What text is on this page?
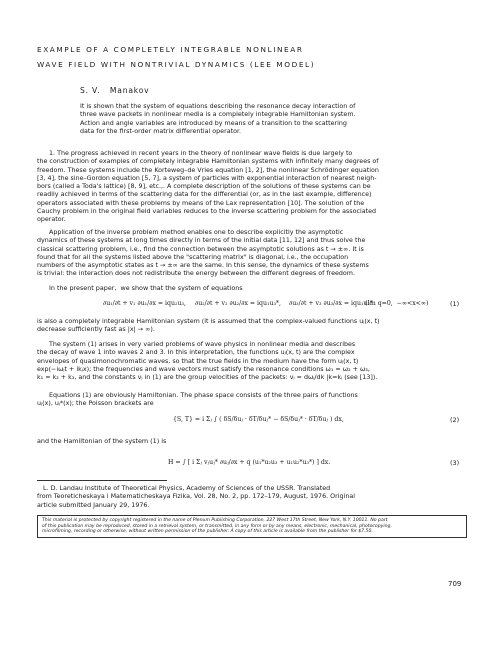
EXAMPLE OF A COMPLETELY INTEGRABLE NONLINEAR
WAVE FIELD WITH NONTRIVIAL DYNAMICS (LEE MODEL)
S. V.   Manakov
It is shown that the system of equations describing the resonance decay interaction of
three wave packets in nonlinear media is a completely integrable Hamiltonian system.
Action and angle variables are introduced by means of a transition to the scattering
data for the first-order matrix differential operator.
1. The progress achieved in recent years in the theory of nonlinear wave fields is due largely to
the construction of examples of completely integrable Hamiltonian systems with infinitely many degrees of
freedom. These systems include the Korteweg–de Vries equation [1, 2], the nonlinear Schrödinger equation
[3, 4], the sine–Gordon equation [5, 7], a system of particles with exponential interaction of nearest neigh-
bors (called a Toda's lattice) [8, 9], etc.,. A complete description of the solutions of these systems can be
readily achieved in terms of the scattering data for the differential (or, as in the last example, difference)
operators associated with these problems by means of the Lax representation [10]. The solution of the
Cauchy problem in the original field variables reduces to the inverse scattering problem for the associated
operator.
Application of the inverse problem method enables one to describe explicitly the asymptotic
dynamics of these systems at long times directly in terms of the initial data [11, 12] and thus solve the
classical scattering problem, i.e., find the connection between the asymptotic solutions as t → ±∞. It is
found that for all the systems listed above the "scattering matrix" is diagonal, i.e., the occupation
numbers of the asymptotic states as t → ±∞ are the same. In this sense, the dynamics of these systems
is trivial: the interaction does not redistribute the energy between the different degrees of freedom.
In the present paper,  we show that the system of equations
∂u₁/∂t + v₁ ∂u₁/∂x = iqu₂u₃, ∂u₂/∂t + v₂ ∂u₂/∂x = iqu₁u₃*, ∂u₃/∂t + v₃ ∂u₃/∂x = iqu₁u₂*
(Im q=0,  −∞<x<∞)	(1)
is also a completely integrable Hamiltonian system (it is assumed that the complex-valued functions uⱼ(x, t)
decrease sufficiently fast as |x| → ∞).
The system (1) arises in very varied problems of wave physics in nonlinear media and describes
the decay of wave 1 into waves 2 and 3. In this interpretation, the functions uⱼ(x, t) are the complex
envelopes of quasimonochromatic waves, so that the true fields in the medium have the form uⱼ(x, t)
exp(−iωⱼt + ikⱼx); the frequencies and wave vectors must satisfy the resonance conditions ω₁ = ω₂ + ω₃,
k₁ = k₂ + k₃, and the constants vⱼ in (1) are the group velocities of the packets: vⱼ = dωⱼ/dk |k=kⱼ (see [13]).
Equations (1) are obviously Hamiltonian. The phase space consists of the three pairs of functions
uⱼ(x), uⱼ*(x); the Poisson brackets are
{S, T} = i Σⱼ ∫ ( δS/δuⱼ · δT/δuⱼ* − δS/δuⱼ* · δT/δuⱼ ) dx,	(2)
and the Hamiltonian of the system (1) is
H = ∫ [ i Σⱼ vⱼuⱼ* ∂uⱼ/∂x + q (u₁*u₂u₃ + u₁u₂*u₃*) ] dx.	(3)
L. D. Landau Institute of Theoretical Physics, Academy of Sciences of the USSR. Translated
from Teoreticheskaya i Matematicheskaya Fizika, Vol. 28, No. 2, pp. 172–179, August, 1976. Original
article submitted January 29, 1976.
This material is protected by copyright registered in the name of Plenum Publishing Corporation, 227 West 17th Street, New York, N.Y. 10011. No part
of this publication may be reproduced, stored in a retrieval system, or transmitted, in any form or by any means, electronic, mechanical, photocopying,
microfilming, recording or otherwise, without written permission of the publisher. A copy of this article is available from the publisher for $7.50.
709
